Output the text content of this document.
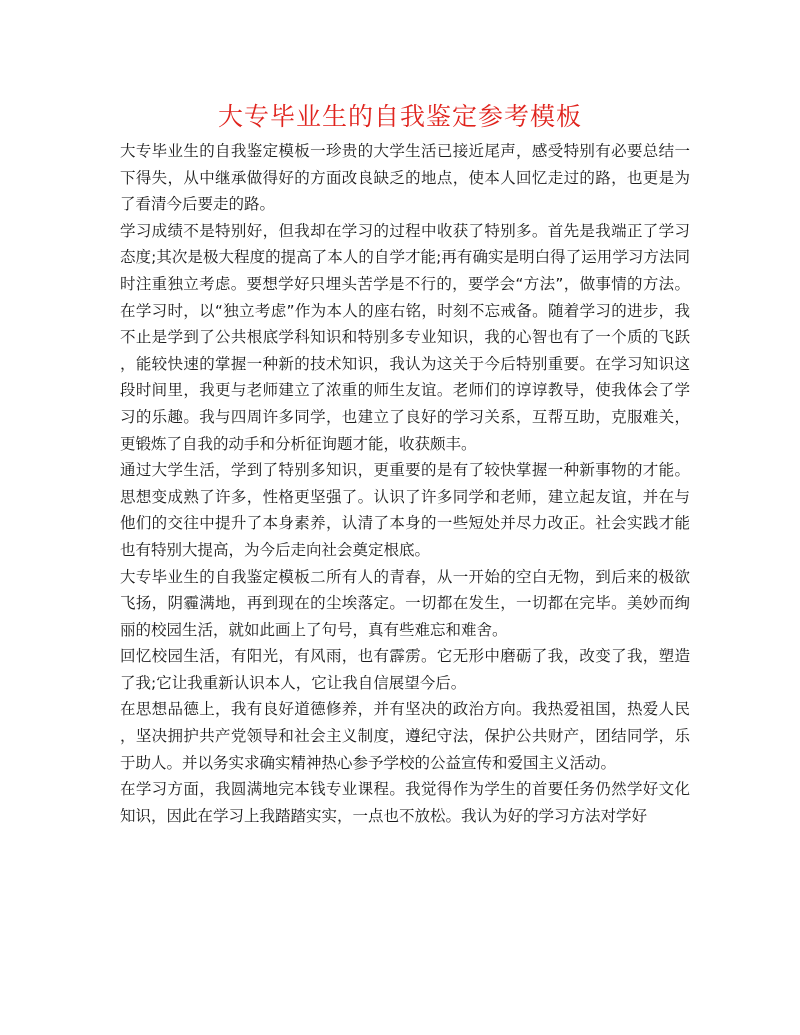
大专毕业生的自我鉴定参考模板

大专毕业生的自我鉴定模板一珍贵的大学生活已接近尾声，感受特别有必要总结一下得失，从中继承做得好的方面改良缺乏的地点，使本人回忆走过的路，也更是为了看清今后要走的路。

学习成绩不是特别好，但我却在学习的过程中收获了特别多。首先是我端正了学习态度;其次是极大程度的提高了本人的自学才能;再有确实是明白得了运用学习方法同时注重独立考虑。要想学好只埋头苦学是不行的，要学会“方法”，做事情的方法。在学习时，以“独立考虑”作为本人的座右铭，时刻不忘戒备。随着学习的进步，我不止是学到了公共根底学科知识和特别多专业知识，我的心智也有了一个质的飞跃，能较快速的掌握一种新的技术知识，我认为这关于今后特别重要。在学习知识这段时间里，我更与老师建立了浓重的师生友谊。老师们的谆谆教导，使我体会了学习的乐趣。我与四周许多同学，也建立了良好的学习关系，互帮互助，克服难关，更锻炼了自我的动手和分析征询题才能，收获颇丰。

通过大学生活，学到了特别多知识，更重要的是有了较快掌握一种新事物的才能。思想变成熟了许多，性格更坚强了。认识了许多同学和老师，建立起友谊，并在与他们的交往中提升了本身素养，认清了本身的一些短处并尽力改正。社会实践才能也有特别大提高，为今后走向社会奠定根底。

大专毕业生的自我鉴定模板二所有人的青春，从一开始的空白无物，到后来的极欲飞扬，阴霾满地，再到现在的尘埃落定。一切都在发生，一切都在完毕。美妙而绚丽的校园生活，就如此画上了句号，真有些难忘和难舍。

回忆校园生活，有阳光，有风雨，也有霹雳。它无形中磨砺了我，改变了我，塑造了我;它让我重新认识本人，它让我自信展望今后。

在思想品德上，我有良好道德修养，并有坚决的政治方向。我热爱祖国，热爱人民，坚决拥护共产党领导和社会主义制度，遵纪守法，保护公共财产，团结同学，乐于助人。并以务实求确实精神热心参予学校的公益宣传和爱国主义活动。

在学习方面，我圆满地完本钱专业课程。我觉得作为学生的首要任务仍然学好文化知识，因此在学习上我踏踏实实，一点也不放松。我认为好的学习方法对学好
